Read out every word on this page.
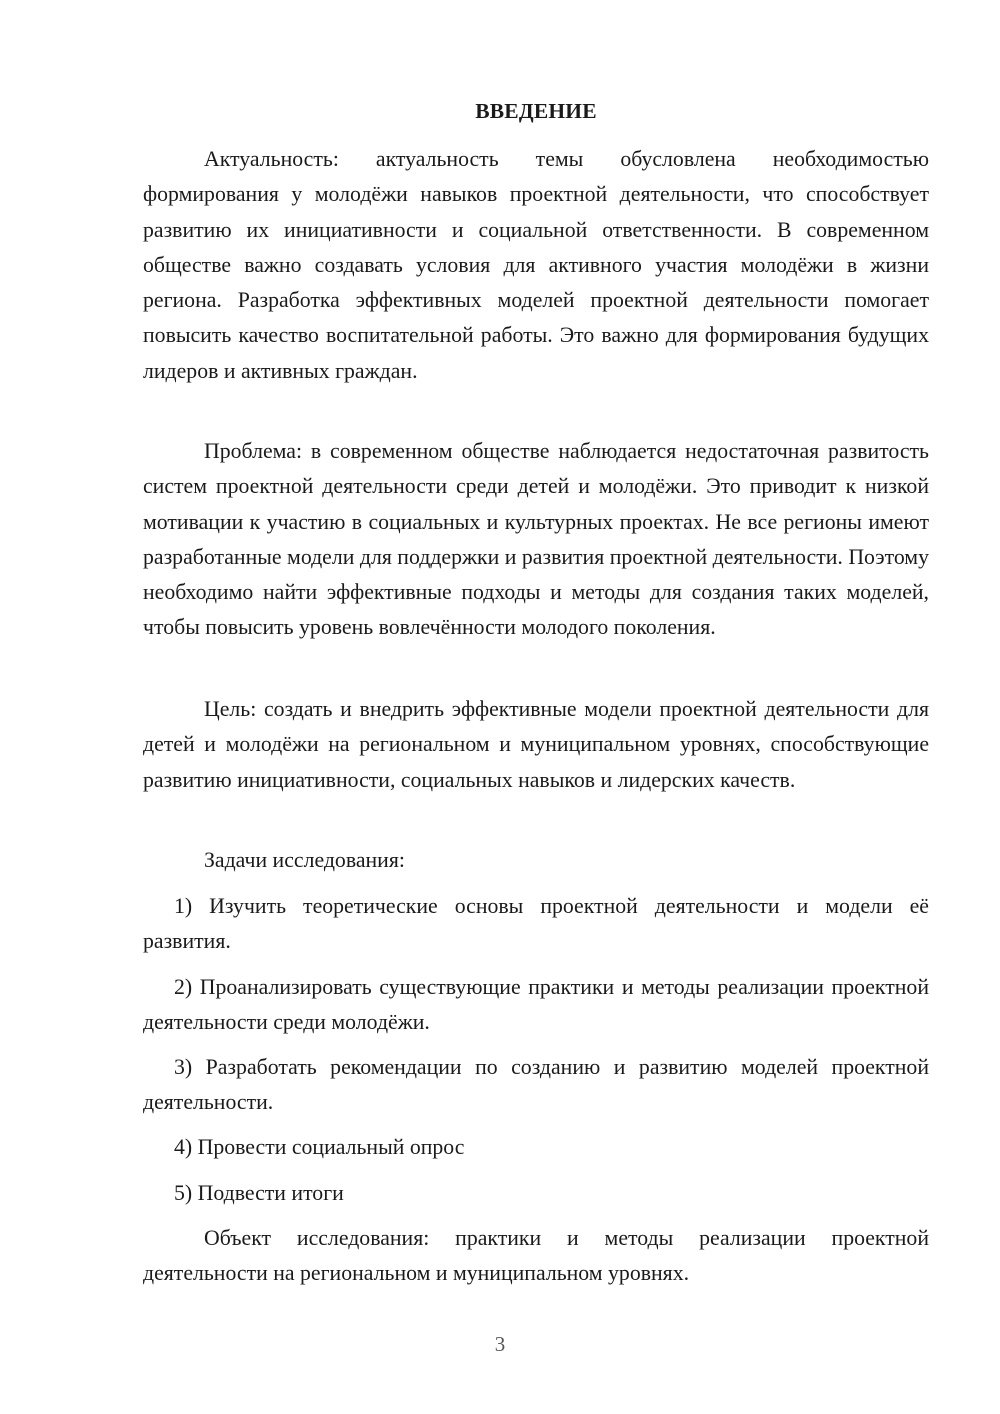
ВВЕДЕНИЕ
Актуальность: актуальность темы обусловлена необходимостью формирования у молодёжи навыков проектной деятельности, что способствует развитию их инициативности и социальной ответственности. В современном обществе важно создавать условия для активного участия молодёжи в жизни региона. Разработка эффективных моделей проектной деятельности помогает повысить качество воспитательной работы. Это важно для формирования будущих лидеров и активных граждан.
Проблема: в современном обществе наблюдается недостаточная развитость систем проектной деятельности среди детей и молодёжи. Это приводит к низкой мотивации к участию в социальных и культурных проектах. Не все регионы имеют разработанные модели для поддержки и развития проектной деятельности. Поэтому необходимо найти эффективные подходы и методы для создания таких моделей, чтобы повысить уровень вовлечённости молодого поколения.
Цель: создать и внедрить эффективные модели проектной деятельности для детей и молодёжи на региональном и муниципальном уровнях, способствующие развитию инициативности, социальных навыков и лидерских качеств.
Задачи исследования:
1) Изучить теоретические основы проектной деятельности и модели её развития.
2) Проанализировать существующие практики и методы реализации проектной деятельности среди молодёжи.
3) Разработать рекомендации по созданию и развитию моделей проектной деятельности.
4) Провести социальный опрос
5) Подвести итоги
Объект исследования: практики и методы реализации проектной деятельности на региональном и муниципальном уровнях.
3
